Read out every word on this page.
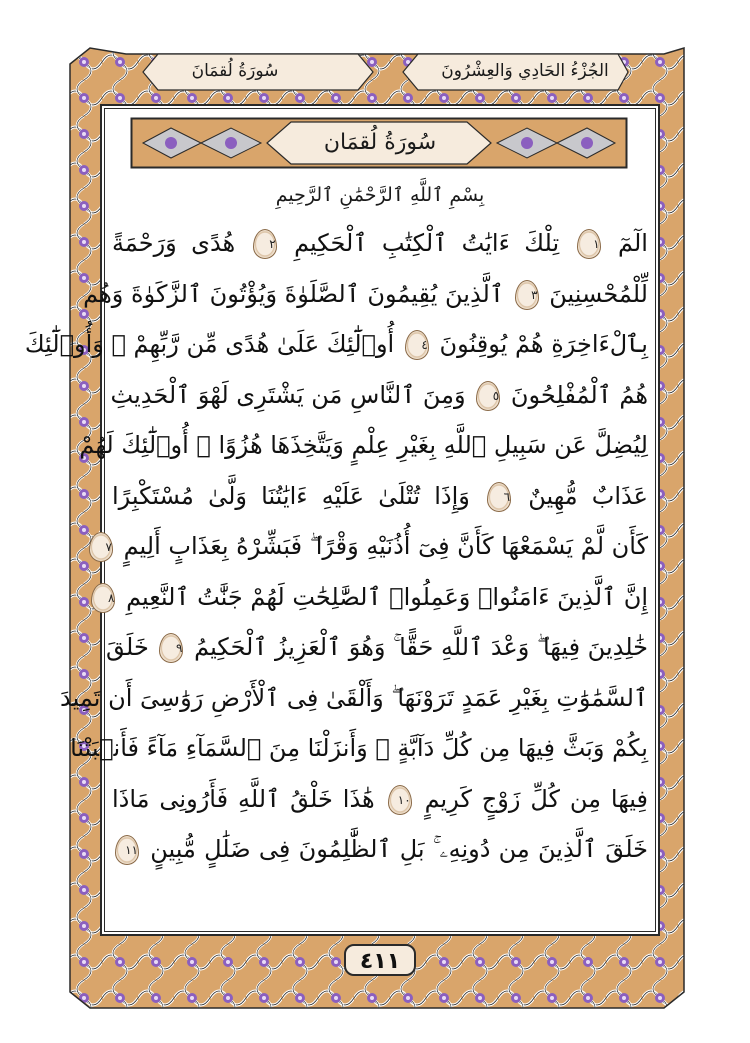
سُورَةُ لُقمَانَ	الجُزْءُ الحَادِي وَالعِشْرُونَ
سُورَةُ لُقمَان
بِسْمِ ٱللَّهِ ٱلرَّحْمَٰنِ ٱلرَّحِيمِ
الٓمٓ ١ تِلْكَ ءَايَٰتُ ٱلْكِتَٰبِ ٱلْحَكِيمِ ٢ هُدًى وَرَحْمَةً
لِّلْمُحْسِنِينَ ٣ ٱلَّذِينَ يُقِيمُونَ ٱلصَّلَوٰةَ وَيُؤْتُونَ ٱلزَّكَوٰةَ وَهُم
بِٱلْءَاخِرَةِ هُمْ يُوقِنُونَ ٤ أُو۟لَٰٓئِكَ عَلَىٰ هُدًى مِّن رَّبِّهِمْ ۖ وَأُو۟لَٰٓئِكَ
هُمُ ٱلْمُفْلِحُونَ ٥ وَمِنَ ٱلنَّاسِ مَن يَشْتَرِى لَهْوَ ٱلْحَدِيثِ
لِيُضِلَّ عَن سَبِيلِ ٱللَّهِ بِغَيْرِ عِلْمٍ وَيَتَّخِذَهَا هُزُوًا ۚ أُو۟لَٰٓئِكَ لَهُمْ
عَذَابٌ مُّهِينٌ ٦ وَإِذَا تُتْلَىٰ عَلَيْهِ ءَايَٰتُنَا وَلَّىٰ مُسْتَكْبِرًا
كَأَن لَّمْ يَسْمَعْهَا كَأَنَّ فِىٓ أُذُنَيْهِ وَقْرًا ۖ فَبَشِّرْهُ بِعَذَابٍ أَلِيمٍ ٧
إِنَّ ٱلَّذِينَ ءَامَنُوا۟ وَعَمِلُوا۟ ٱلصَّٰلِحَٰتِ لَهُمْ جَنَّٰتُ ٱلنَّعِيمِ ٨
خَٰلِدِينَ فِيهَا ۖ وَعْدَ ٱللَّهِ حَقًّا ۚ وَهُوَ ٱلْعَزِيزُ ٱلْحَكِيمُ ٩ خَلَقَ
ٱلسَّمَٰوَٰتِ بِغَيْرِ عَمَدٍ تَرَوْنَهَا ۖ وَأَلْقَىٰ فِى ٱلْأَرْضِ رَوَٰسِىَ أَن تَمِيدَ
بِكُمْ وَبَثَّ فِيهَا مِن كُلِّ دَآبَّةٍ ۚ وَأَنزَلْنَا مِنَ ٱلسَّمَآءِ مَآءً فَأَنۢبَتْنَا
فِيهَا مِن كُلِّ زَوْجٍ كَرِيمٍ ١٠ هَٰذَا خَلْقُ ٱللَّهِ فَأَرُونِى مَاذَا
خَلَقَ ٱلَّذِينَ مِن دُونِهِۦ ۚ بَلِ ٱلظَّٰلِمُونَ فِى ضَلَٰلٍ مُّبِينٍ ١١
٤١١
